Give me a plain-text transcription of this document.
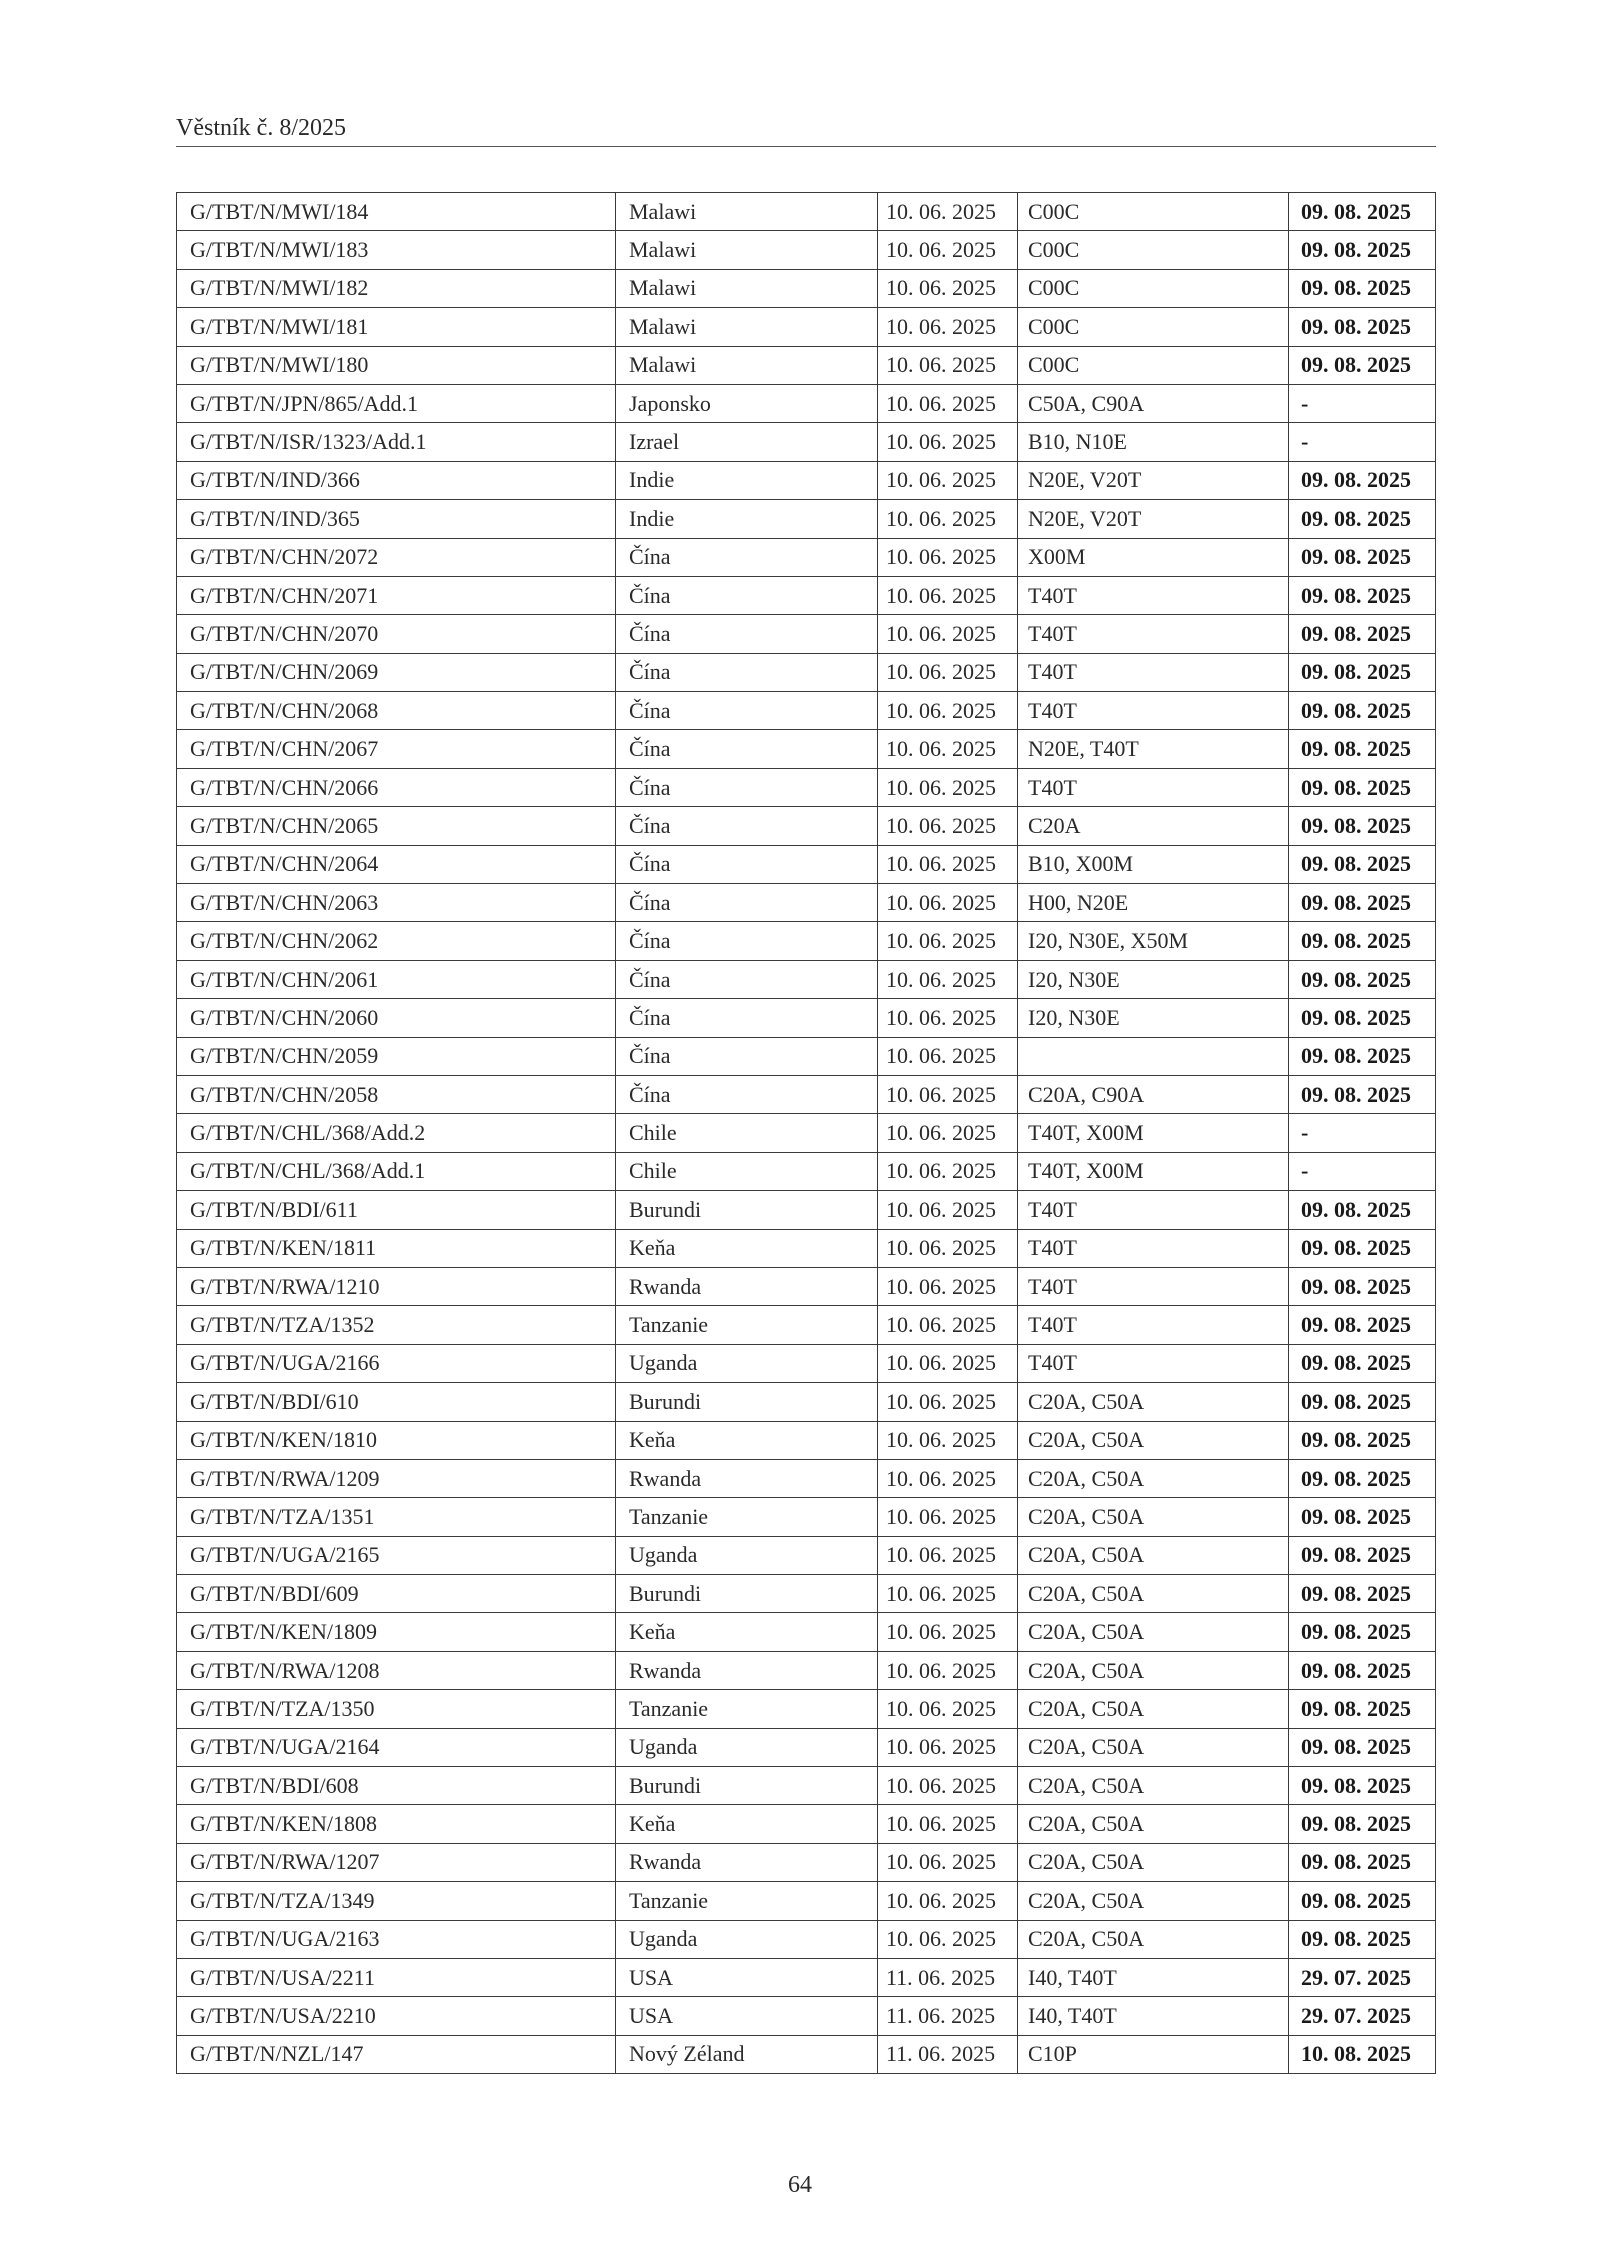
Věstník č. 8/2025
G/TBT/N/MWI/184	Malawi	10. 06. 2025	C00C	09. 08. 2025
G/TBT/N/MWI/183	Malawi	10. 06. 2025	C00C	09. 08. 2025
G/TBT/N/MWI/182	Malawi	10. 06. 2025	C00C	09. 08. 2025
G/TBT/N/MWI/181	Malawi	10. 06. 2025	C00C	09. 08. 2025
G/TBT/N/MWI/180	Malawi	10. 06. 2025	C00C	09. 08. 2025
G/TBT/N/JPN/865/Add.1	Japonsko	10. 06. 2025	C50A, C90A	-
G/TBT/N/ISR/1323/Add.1	Izrael	10. 06. 2025	B10, N10E	-
G/TBT/N/IND/366	Indie	10. 06. 2025	N20E, V20T	09. 08. 2025
G/TBT/N/IND/365	Indie	10. 06. 2025	N20E, V20T	09. 08. 2025
G/TBT/N/CHN/2072	Čína	10. 06. 2025	X00M	09. 08. 2025
G/TBT/N/CHN/2071	Čína	10. 06. 2025	T40T	09. 08. 2025
G/TBT/N/CHN/2070	Čína	10. 06. 2025	T40T	09. 08. 2025
G/TBT/N/CHN/2069	Čína	10. 06. 2025	T40T	09. 08. 2025
G/TBT/N/CHN/2068	Čína	10. 06. 2025	T40T	09. 08. 2025
G/TBT/N/CHN/2067	Čína	10. 06. 2025	N20E, T40T	09. 08. 2025
G/TBT/N/CHN/2066	Čína	10. 06. 2025	T40T	09. 08. 2025
G/TBT/N/CHN/2065	Čína	10. 06. 2025	C20A	09. 08. 2025
G/TBT/N/CHN/2064	Čína	10. 06. 2025	B10, X00M	09. 08. 2025
G/TBT/N/CHN/2063	Čína	10. 06. 2025	H00, N20E	09. 08. 2025
G/TBT/N/CHN/2062	Čína	10. 06. 2025	I20, N30E, X50M	09. 08. 2025
G/TBT/N/CHN/2061	Čína	10. 06. 2025	I20, N30E	09. 08. 2025
G/TBT/N/CHN/2060	Čína	10. 06. 2025	I20, N30E	09. 08. 2025
G/TBT/N/CHN/2059	Čína	10. 06. 2025		09. 08. 2025
G/TBT/N/CHN/2058	Čína	10. 06. 2025	C20A, C90A	09. 08. 2025
G/TBT/N/CHL/368/Add.2	Chile	10. 06. 2025	T40T, X00M	-
G/TBT/N/CHL/368/Add.1	Chile	10. 06. 2025	T40T, X00M	-
G/TBT/N/BDI/611	Burundi	10. 06. 2025	T40T	09. 08. 2025
G/TBT/N/KEN/1811	Keňa	10. 06. 2025	T40T	09. 08. 2025
G/TBT/N/RWA/1210	Rwanda	10. 06. 2025	T40T	09. 08. 2025
G/TBT/N/TZA/1352	Tanzanie	10. 06. 2025	T40T	09. 08. 2025
G/TBT/N/UGA/2166	Uganda	10. 06. 2025	T40T	09. 08. 2025
G/TBT/N/BDI/610	Burundi	10. 06. 2025	C20A, C50A	09. 08. 2025
G/TBT/N/KEN/1810	Keňa	10. 06. 2025	C20A, C50A	09. 08. 2025
G/TBT/N/RWA/1209	Rwanda	10. 06. 2025	C20A, C50A	09. 08. 2025
G/TBT/N/TZA/1351	Tanzanie	10. 06. 2025	C20A, C50A	09. 08. 2025
G/TBT/N/UGA/2165	Uganda	10. 06. 2025	C20A, C50A	09. 08. 2025
G/TBT/N/BDI/609	Burundi	10. 06. 2025	C20A, C50A	09. 08. 2025
G/TBT/N/KEN/1809	Keňa	10. 06. 2025	C20A, C50A	09. 08. 2025
G/TBT/N/RWA/1208	Rwanda	10. 06. 2025	C20A, C50A	09. 08. 2025
G/TBT/N/TZA/1350	Tanzanie	10. 06. 2025	C20A, C50A	09. 08. 2025
G/TBT/N/UGA/2164	Uganda	10. 06. 2025	C20A, C50A	09. 08. 2025
G/TBT/N/BDI/608	Burundi	10. 06. 2025	C20A, C50A	09. 08. 2025
G/TBT/N/KEN/1808	Keňa	10. 06. 2025	C20A, C50A	09. 08. 2025
G/TBT/N/RWA/1207	Rwanda	10. 06. 2025	C20A, C50A	09. 08. 2025
G/TBT/N/TZA/1349	Tanzanie	10. 06. 2025	C20A, C50A	09. 08. 2025
G/TBT/N/UGA/2163	Uganda	10. 06. 2025	C20A, C50A	09. 08. 2025
G/TBT/N/USA/2211	USA	11. 06. 2025	I40, T40T	29. 07. 2025
G/TBT/N/USA/2210	USA	11. 06. 2025	I40, T40T	29. 07. 2025
G/TBT/N/NZL/147	Nový Zéland	11. 06. 2025	C10P	10. 08. 2025
64
